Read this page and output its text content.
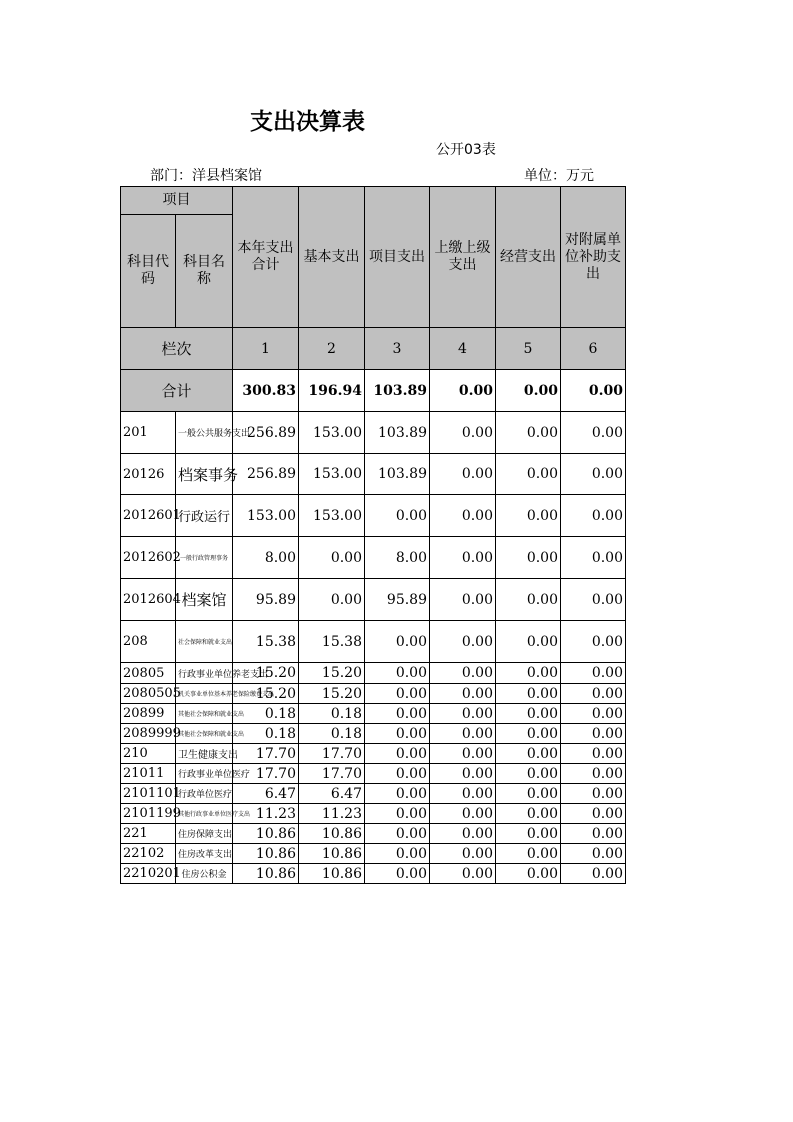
支出决算表
公开03表
部门：洋县档案馆	单位：万元
项目		本年支出合计	基本支出	项目支出	上缴上级支出	经营支出	对附属单位补助支出
科目代码	科目名称						
栏次		1	2	3	4	5	6
合计		300.83	196.94	103.89	0.00	0.00	0.00
201	一般公共服务支出	256.89	153.00	103.89	0.00	0.00	0.00
20126	档案事务	256.89	153.00	103.89	0.00	0.00	0.00
2012601	行政运行	153.00	153.00	0.00	0.00	0.00	0.00
2012602	一般行政管理事务	8.00	0.00	8.00	0.00	0.00	0.00
2012604	档案馆	95.89	0.00	95.89	0.00	0.00	0.00
208	社会保障和就业支出	15.38	15.38	0.00	0.00	0.00	0.00
20805	行政事业单位养老支出	15.20	15.20	0.00	0.00	0.00	0.00
2080505	机关事业单位基本养老保险缴费支出	15.20	15.20	0.00	0.00	0.00	0.00
20899	其他社会保障和就业支出	0.18	0.18	0.00	0.00	0.00	0.00
2089999	其他社会保障和就业支出	0.18	0.18	0.00	0.00	0.00	0.00
210	卫生健康支出	17.70	17.70	0.00	0.00	0.00	0.00
21011	行政事业单位医疗	17.70	17.70	0.00	0.00	0.00	0.00
2101101	行政单位医疗	6.47	6.47	0.00	0.00	0.00	0.00
2101199	其他行政事业单位医疗支出	11.23	11.23	0.00	0.00	0.00	0.00
221	住房保障支出	10.86	10.86	0.00	0.00	0.00	0.00
22102	住房改革支出	10.86	10.86	0.00	0.00	0.00	0.00
2210201	住房公积金	10.86	10.86	0.00	0.00	0.00	0.00
